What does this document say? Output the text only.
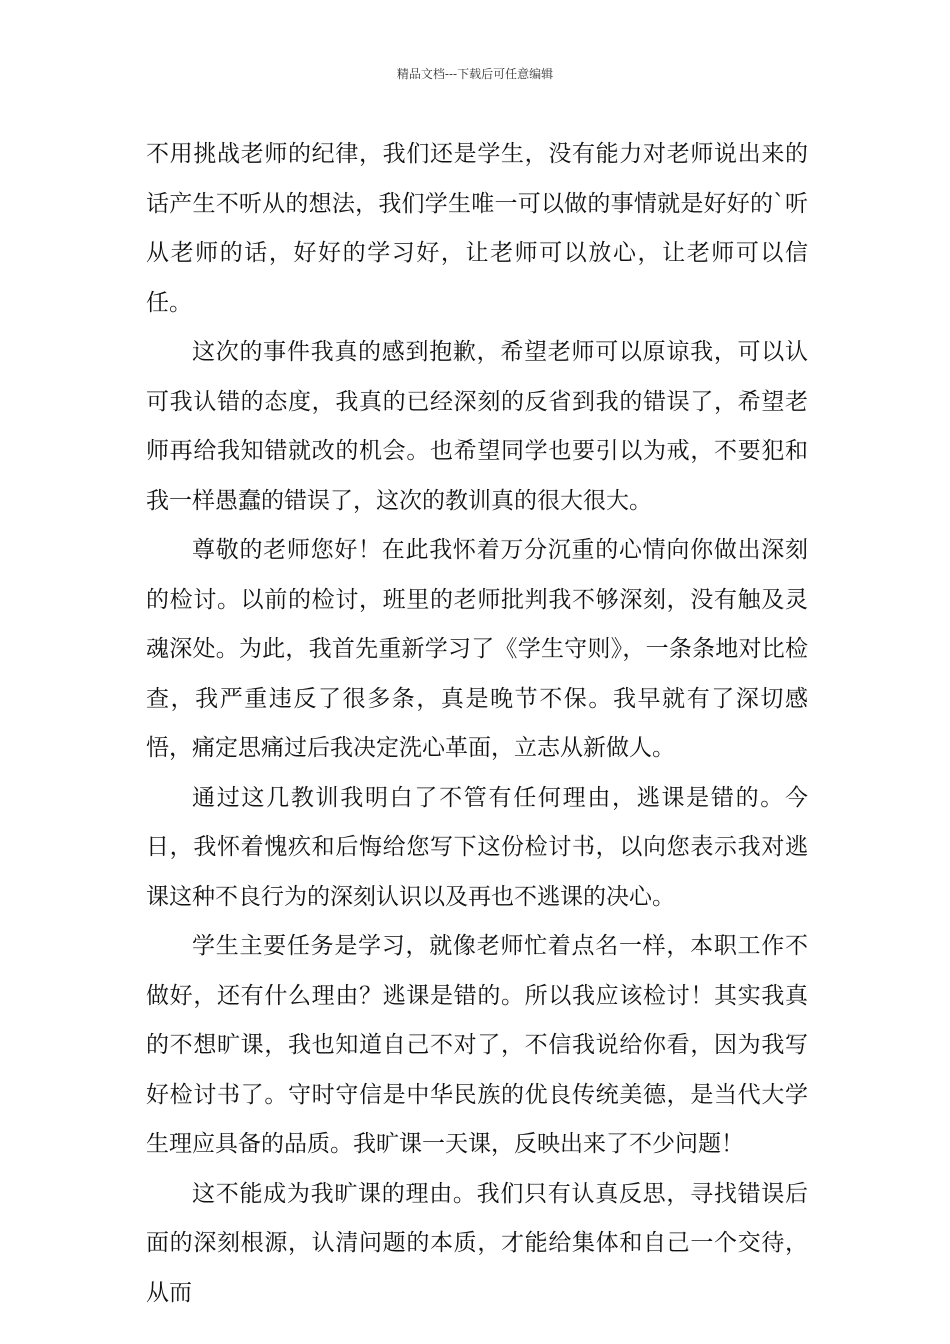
精品文档---下载后可任意编辑

不用挑战老师的纪律，我们还是学生，没有能力对老师说出来的话产生不听从的想法，我们学生唯一可以做的事情就是好好的`听从老师的话，好好的学习好，让老师可以放心，让老师可以信任。

这次的事件我真的感到抱歉，希望老师可以原谅我，可以认可我认错的态度，我真的已经深刻的反省到我的错误了，希望老师再给我知错就改的机会。也希望同学也要引以为戒，不要犯和我一样愚蠢的错误了，这次的教训真的很大很大。

尊敬的老师您好！在此我怀着万分沉重的心情向你做出深刻的检讨。以前的检讨，班里的老师批判我不够深刻，没有触及灵魂深处。为此，我首先重新学习了《学生守则》，一条条地对比检查，我严重违反了很多条，真是晚节不保。我早就有了深切感悟，痛定思痛过后我决定洗心革面，立志从新做人。

通过这几教训我明白了不管有任何理由，逃课是错的。今日，我怀着愧疚和后悔给您写下这份检讨书，以向您表示我对逃课这种不良行为的深刻认识以及再也不逃课的决心。

学生主要任务是学习，就像老师忙着点名一样，本职工作不做好，还有什么理由？逃课是错的。所以我应该检讨！其实我真的不想旷课，我也知道自己不对了，不信我说给你看，因为我写好检讨书了。守时守信是中华民族的优良传统美德，是当代大学生理应具备的品质。我旷课一天课，反映出来了不少问题！

这不能成为我旷课的理由。我们只有认真反思，寻找错误后面的深刻根源，认清问题的本质，才能给集体和自己一个交待，从而
